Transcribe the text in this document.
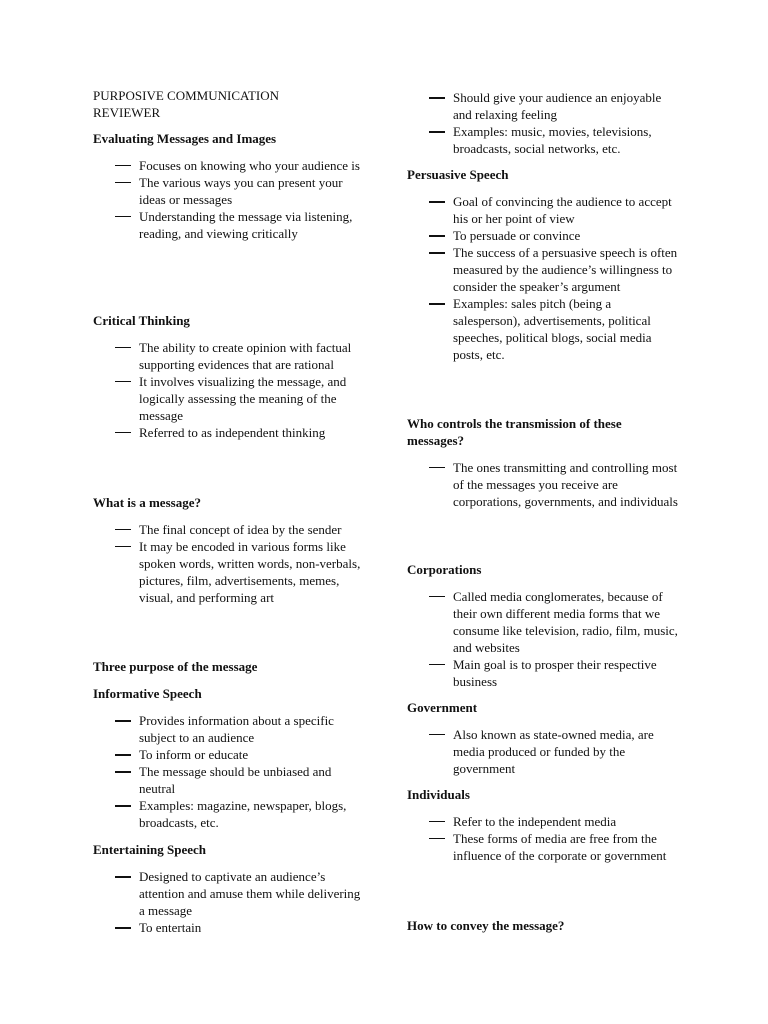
PURPOSIVE COMMUNICATION REVIEWER
Evaluating Messages and Images
Focuses on knowing who your audience is
The various ways you can present your ideas or messages
Understanding the message via listening, reading, and viewing critically
Critical Thinking
The ability to create opinion with factual supporting evidences that are rational
It involves visualizing the message, and logically assessing the meaning of the message
Referred to as independent thinking
What is a message?
The final concept of idea by the sender
It may be encoded in various forms like spoken words, written words, non-verbals, pictures, film, advertisements, memes, visual, and performing art
Three purpose of the message
Informative Speech
Provides information about a specific subject to an audience
To inform or educate
The message should be unbiased and neutral
Examples: magazine, newspaper, blogs, broadcasts, etc.
Entertaining Speech
Designed to captivate an audience’s attention and amuse them while delivering a message
To entertain
Should give your audience an enjoyable and relaxing feeling
Examples: music, movies, televisions, broadcasts, social networks, etc.
Persuasive Speech
Goal of convincing the audience to accept his or her point of view
To persuade or convince
The success of a persuasive speech is often measured by the audience’s willingness to consider the speaker’s argument
Examples: sales pitch (being a salesperson), advertisements, political speeches, political blogs, social media posts, etc.
Who controls the transmission of these messages?
The ones transmitting and controlling most of the messages you receive are corporations, governments, and individuals
Corporations
Called media conglomerates, because of their own different media forms that we consume like television, radio, film, music, and websites
Main goal is to prosper their respective business
Government
Also known as state-owned media, are media produced or funded by the government
Individuals
Refer to the independent media
These forms of media are free from the influence of the corporate or government
How to convey the message?
